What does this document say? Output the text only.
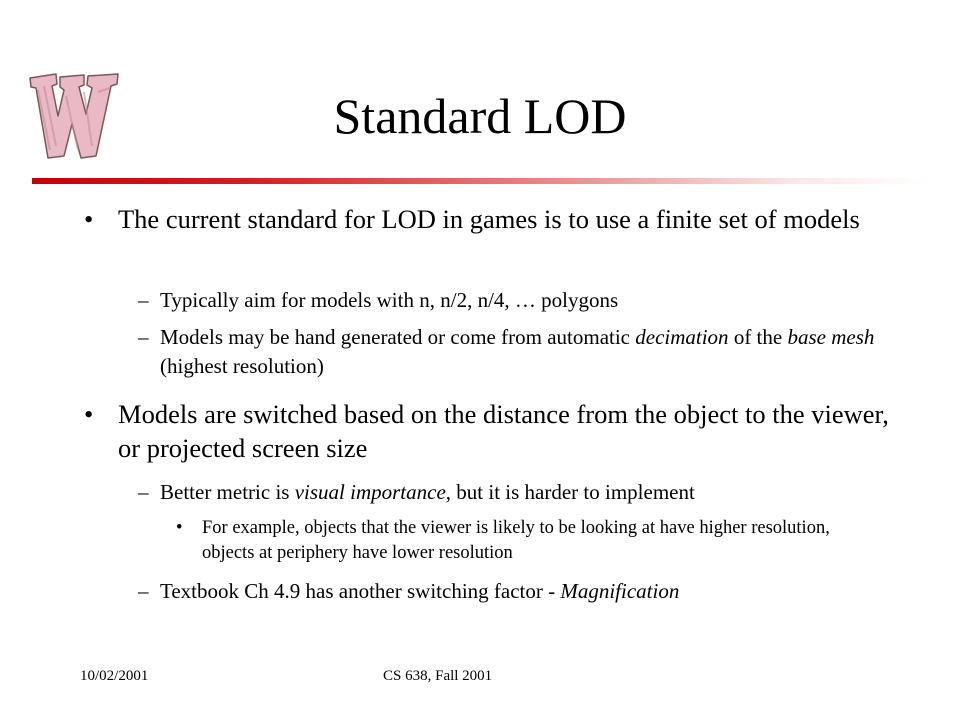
Standard LOD
• The current standard for LOD in games is to use a finite set of models
– Typically aim for models with n, n/2, n/4, … polygons
– Models may be hand generated or come from automatic decimation of the base mesh (highest resolution)
• Models are switched based on the distance from the object to the viewer, or projected screen size
– Better metric is visual importance, but it is harder to implement
• For example, objects that the viewer is likely to be looking at have higher resolution, objects at periphery have lower resolution
– Textbook Ch 4.9 has another switching factor - Magnification
10/02/2001	CS 638, Fall 2001
